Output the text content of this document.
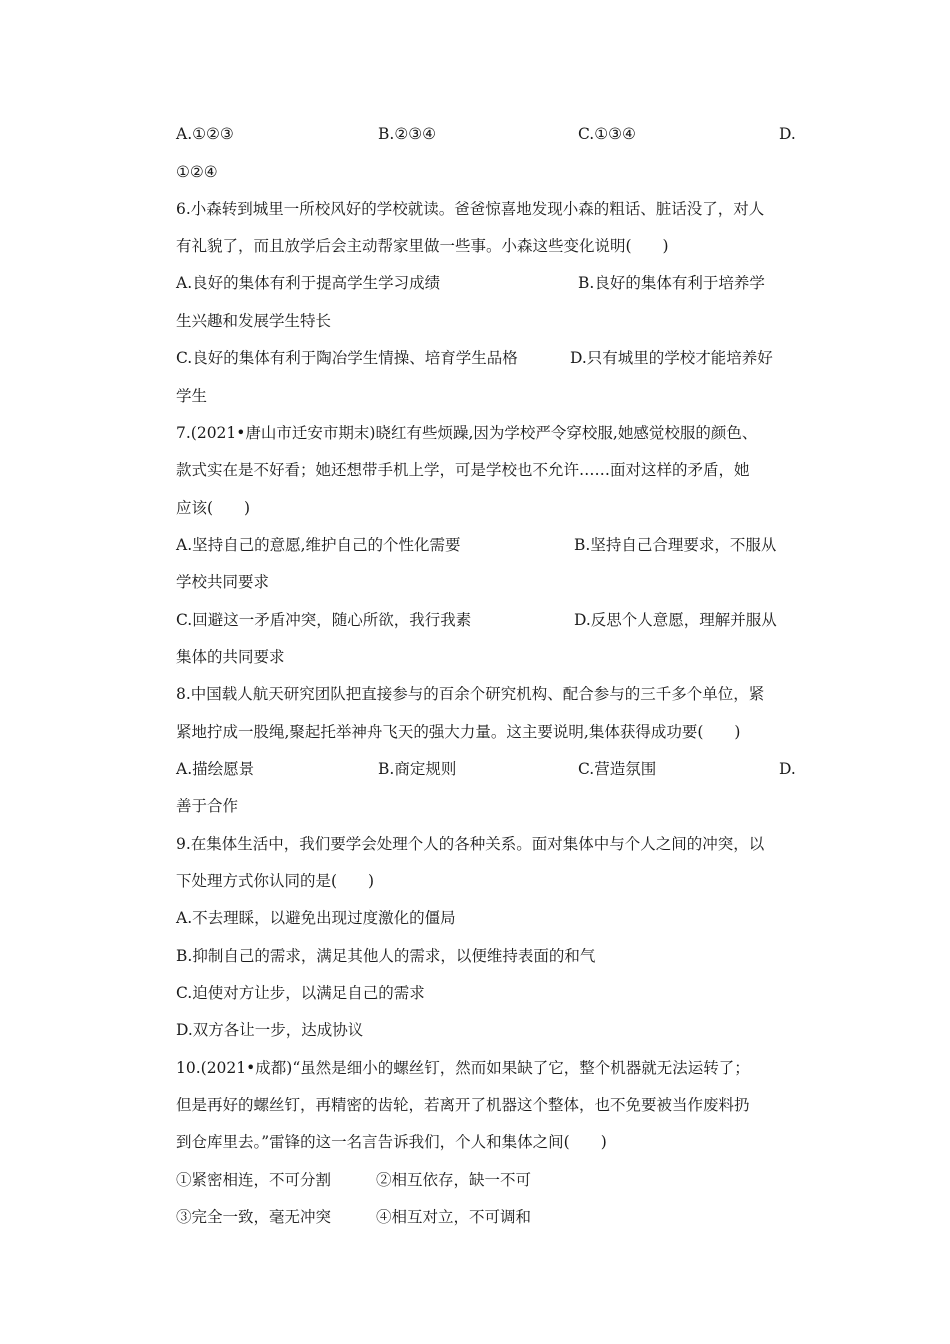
A.①②③	B.②③④	C.①③④	D.
①②④
6.小森转到城里一所校风好的学校就读。爸爸惊喜地发现小森的粗话、脏话没了，对人
有礼貌了，而且放学后会主动帮家里做一些事。小森这些变化说明(　　)
A.良好的集体有利于提高学生学习成绩	B.良好的集体有利于培养学
生兴趣和发展学生特长
C.良好的集体有利于陶冶学生情操、培育学生品格	D.只有城里的学校才能培养好
学生
7.(2021•唐山市迁安市期末)晓红有些烦躁,因为学校严令穿校服,她感觉校服的颜色、
款式实在是不好看；她还想带手机上学，可是学校也不允许……面对这样的矛盾，她
应该(　　)
A.坚持自己的意愿,维护自己的个性化需要	B.坚持自己合理要求，不服从
学校共同要求
C.回避这一矛盾冲突，随心所欲，我行我素	D.反思个人意愿，理解并服从
集体的共同要求
8.中国载人航天研究团队把直接参与的百余个研究机构、配合参与的三千多个单位，紧
紧地拧成一股绳,聚起托举神舟飞天的强大力量。这主要说明,集体获得成功要(　　)
A.描绘愿景	B.商定规则	C.营造氛围	D.
善于合作
9.在集体生活中，我们要学会处理个人的各种关系。面对集体中与个人之间的冲突，以
下处理方式你认同的是(　　)
A.不去理睬，以避免出现过度激化的僵局
B.抑制自己的需求，满足其他人的需求，以便维持表面的和气
C.迫使对方让步，以满足自己的需求
D.双方各让一步，达成协议
10.(2021•成都)“虽然是细小的螺丝钉，然而如果缺了它，整个机器就无法运转了；
但是再好的螺丝钉，再精密的齿轮，若离开了机器这个整体，也不免要被当作废料扔
到仓库里去。”雷锋的这一名言告诉我们，个人和集体之间(　　)
①紧密相连，不可分割	②相互依存，缺一不可
③完全一致，毫无冲突	④相互对立，不可调和
